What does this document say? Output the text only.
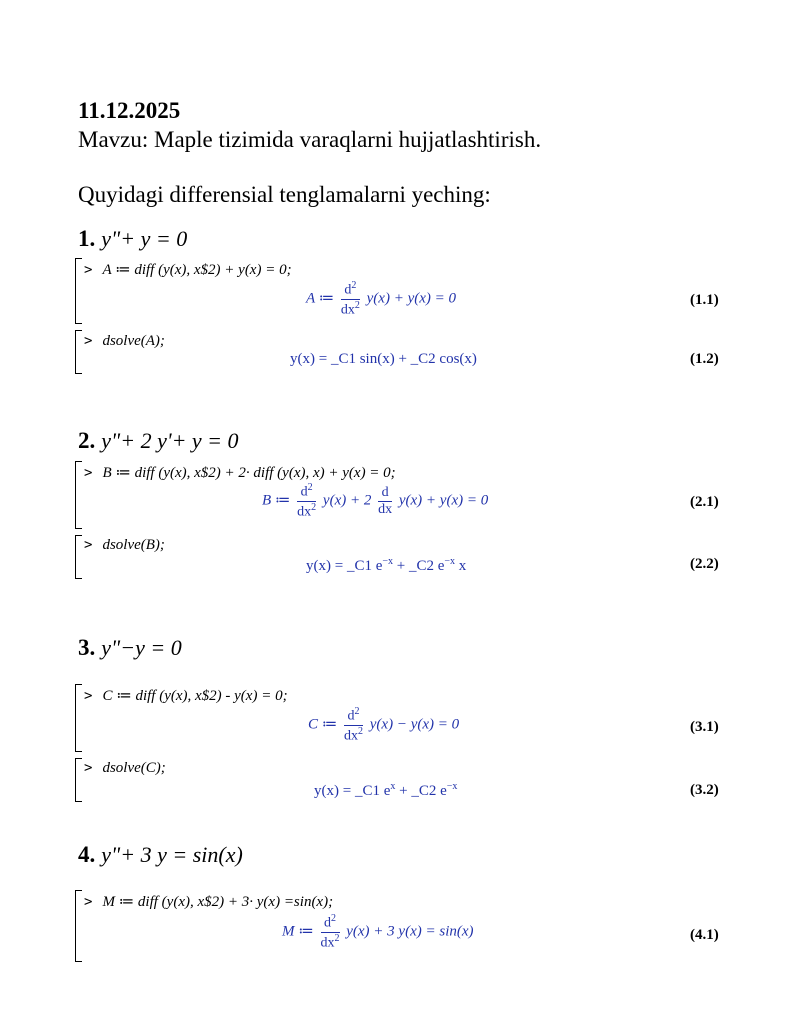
11.12.2025
Mavzu: Maple tizimida varaqlarni hujjatlashtirish.
Quyidagi differensial tenglamalarni yeching:
1. y"+ y = 0
> A ≔ diff (y(x), x$2) + y(x) = 0;
A ≔ $\frac{d^2}{dx^2} y(x) + y(x) = 0$	(1.1)
> dsolve(A);
y(x) = _C1 sin(x) + _C2 cos(x)	(1.2)
2. y"+ 2 y'+ y = 0
> B ≔ diff (y(x), x$2) + 2· diff (y(x), x) + y(x) = 0;
B ≔ $\frac{d^2}{dx^2} y(x) + 2 \frac{d}{dx} y(x) + y(x) = 0$	(2.1)
> dsolve(B);
y(x) = _C1 $e^{-x}$ + _C2 $e^{-x}$ x	(2.2)
3. y"−y = 0
> C ≔ diff (y(x), x$2) - y(x) = 0;
C ≔ $\frac{d^2}{dx^2} y(x) - y(x) = 0$	(3.1)
> dsolve(C);
y(x) = _C1 $e^x$ + _C2 $e^{-x}$	(3.2)
4. y"+ 3 y = sin(x)
> M ≔ diff (y(x), x$2) + 3· y(x) =sin(x);
M ≔ $\frac{d^2}{dx^2} y(x) + 3$ y(x) = sin(x)	(4.1)
